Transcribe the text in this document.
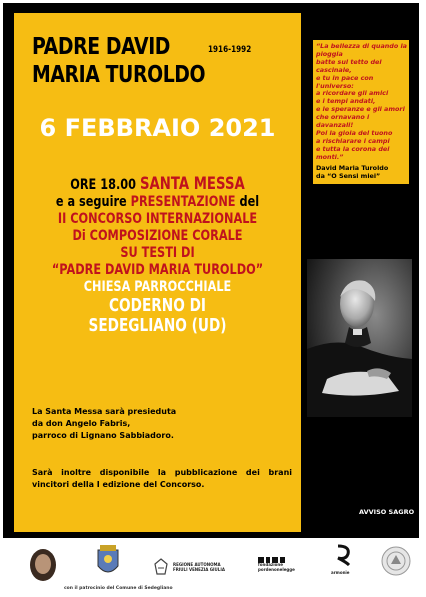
PADRE DAVID	1916-1992
MARIA TUROLDO
6 FEBBRAIO 2021
ORE 18.00 SANTA MESSA
e a seguire PRESENTAZIONE del
II CONCORSO INTERNAZIONALE
Di COMPOSIZIONE CORALE
SU TESTI DI
“PADRE DAVID MARIA TUROLDO”
CHIESA PARROCCHIALE
CODERNO DI
SEDEGLIANO (UD)
La Santa Messa sarà presieduta
da don Angelo Fabris,
parroco di Lignano Sabbiadoro.
Sarà inoltre disponibile la pubblicazione dei brani vincitori della I edizione del Concorso.
“La bellezza di quando la
pioggia
batte sul tetto del
cascinale,
e tu in pace con
l'universo:
a ricordare gli amici
e i tempi andati,
e le speranze e gli amori
che ornavano i
davanzali!
Poi la gioia del tuono
a rischiarare i campi
e tutta la corona dei
monti.”
David Maria Turoldo
da “O Sensi miei”
AVVISO SAGRO
REGIONE AUTONOMA
FRIULI VENEZIA GIULIA
fondazione
pordenonelegge
armonie
con il patrocinio del Comune di Sedegliano
